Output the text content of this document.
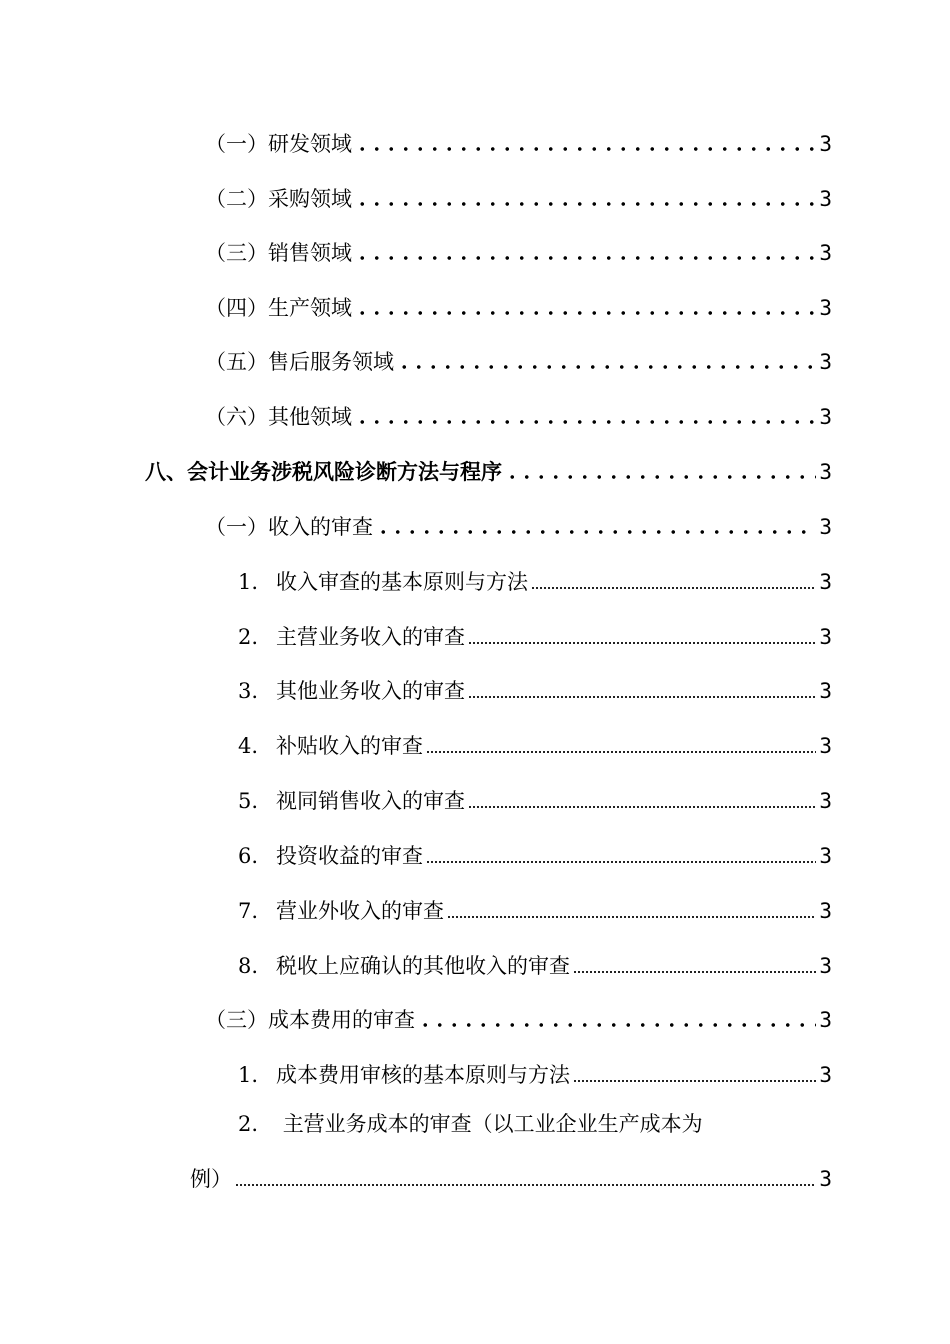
（一）研发领域	3
（二）采购领域	3
（三）销售领域	3
（四）生产领域	3
（五）售后服务领域	3
（六）其他领域	3
八、会计业务涉税风险诊断方法与程序	3
（一）收入的审查	3
1. 收入审查的基本原则与方法	3
2. 主营业务收入的审查	3
3. 其他业务收入的审查	3
4. 补贴收入的审查	3
5. 视同销售收入的审查	3
6. 投资收益的审查	3
7. 营业外收入的审查	3
8. 税收上应确认的其他收入的审查	3
（三）成本费用的审查	3
1. 成本费用审核的基本原则与方法	3
2. 主营业务成本的审查（以工业企业生产成本为
例）	3
